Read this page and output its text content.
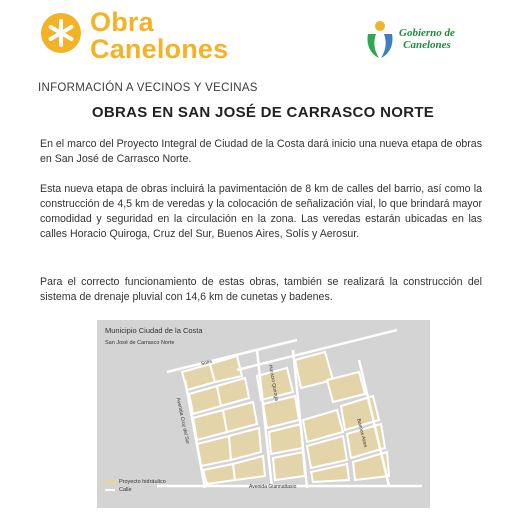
Obra
Canelones
Gobierno de
Canelones
INFORMACIÓN A VECINOS Y VECINAS
OBRAS EN SAN JOSÉ DE CARRASCO NORTE

En el marco del Proyecto Integral de Ciudad de la Costa dará inicio una nueva etapa de obras en San José de Carrasco Norte.

Esta nueva etapa de obras incluirá la pavimentación de 8 km de calles del barrio, así como la construcción de 4,5 km de veredas y la colocación de señalización vial, lo que brindará mayor comodidad y seguridad en la circulación en la zona. Las veredas estarán ubicadas en las calles Horacio Quiroga, Cruz del Sur, Buenos Aires, Solís y Aerosur.

Para el correcto funcionamiento de estas obras, también se realizará la construcción del sistema de drenaje pluvial con 14,6 km de cunetas y badenes.

Municipio Ciudad de la Costa
San José de Carrasco Norte
Solís
Horacio Quiroga
Avenida Cruz del Sur	Buenos Aires
Avenida Giannattasio
Proyecto hidráulico
Calle
